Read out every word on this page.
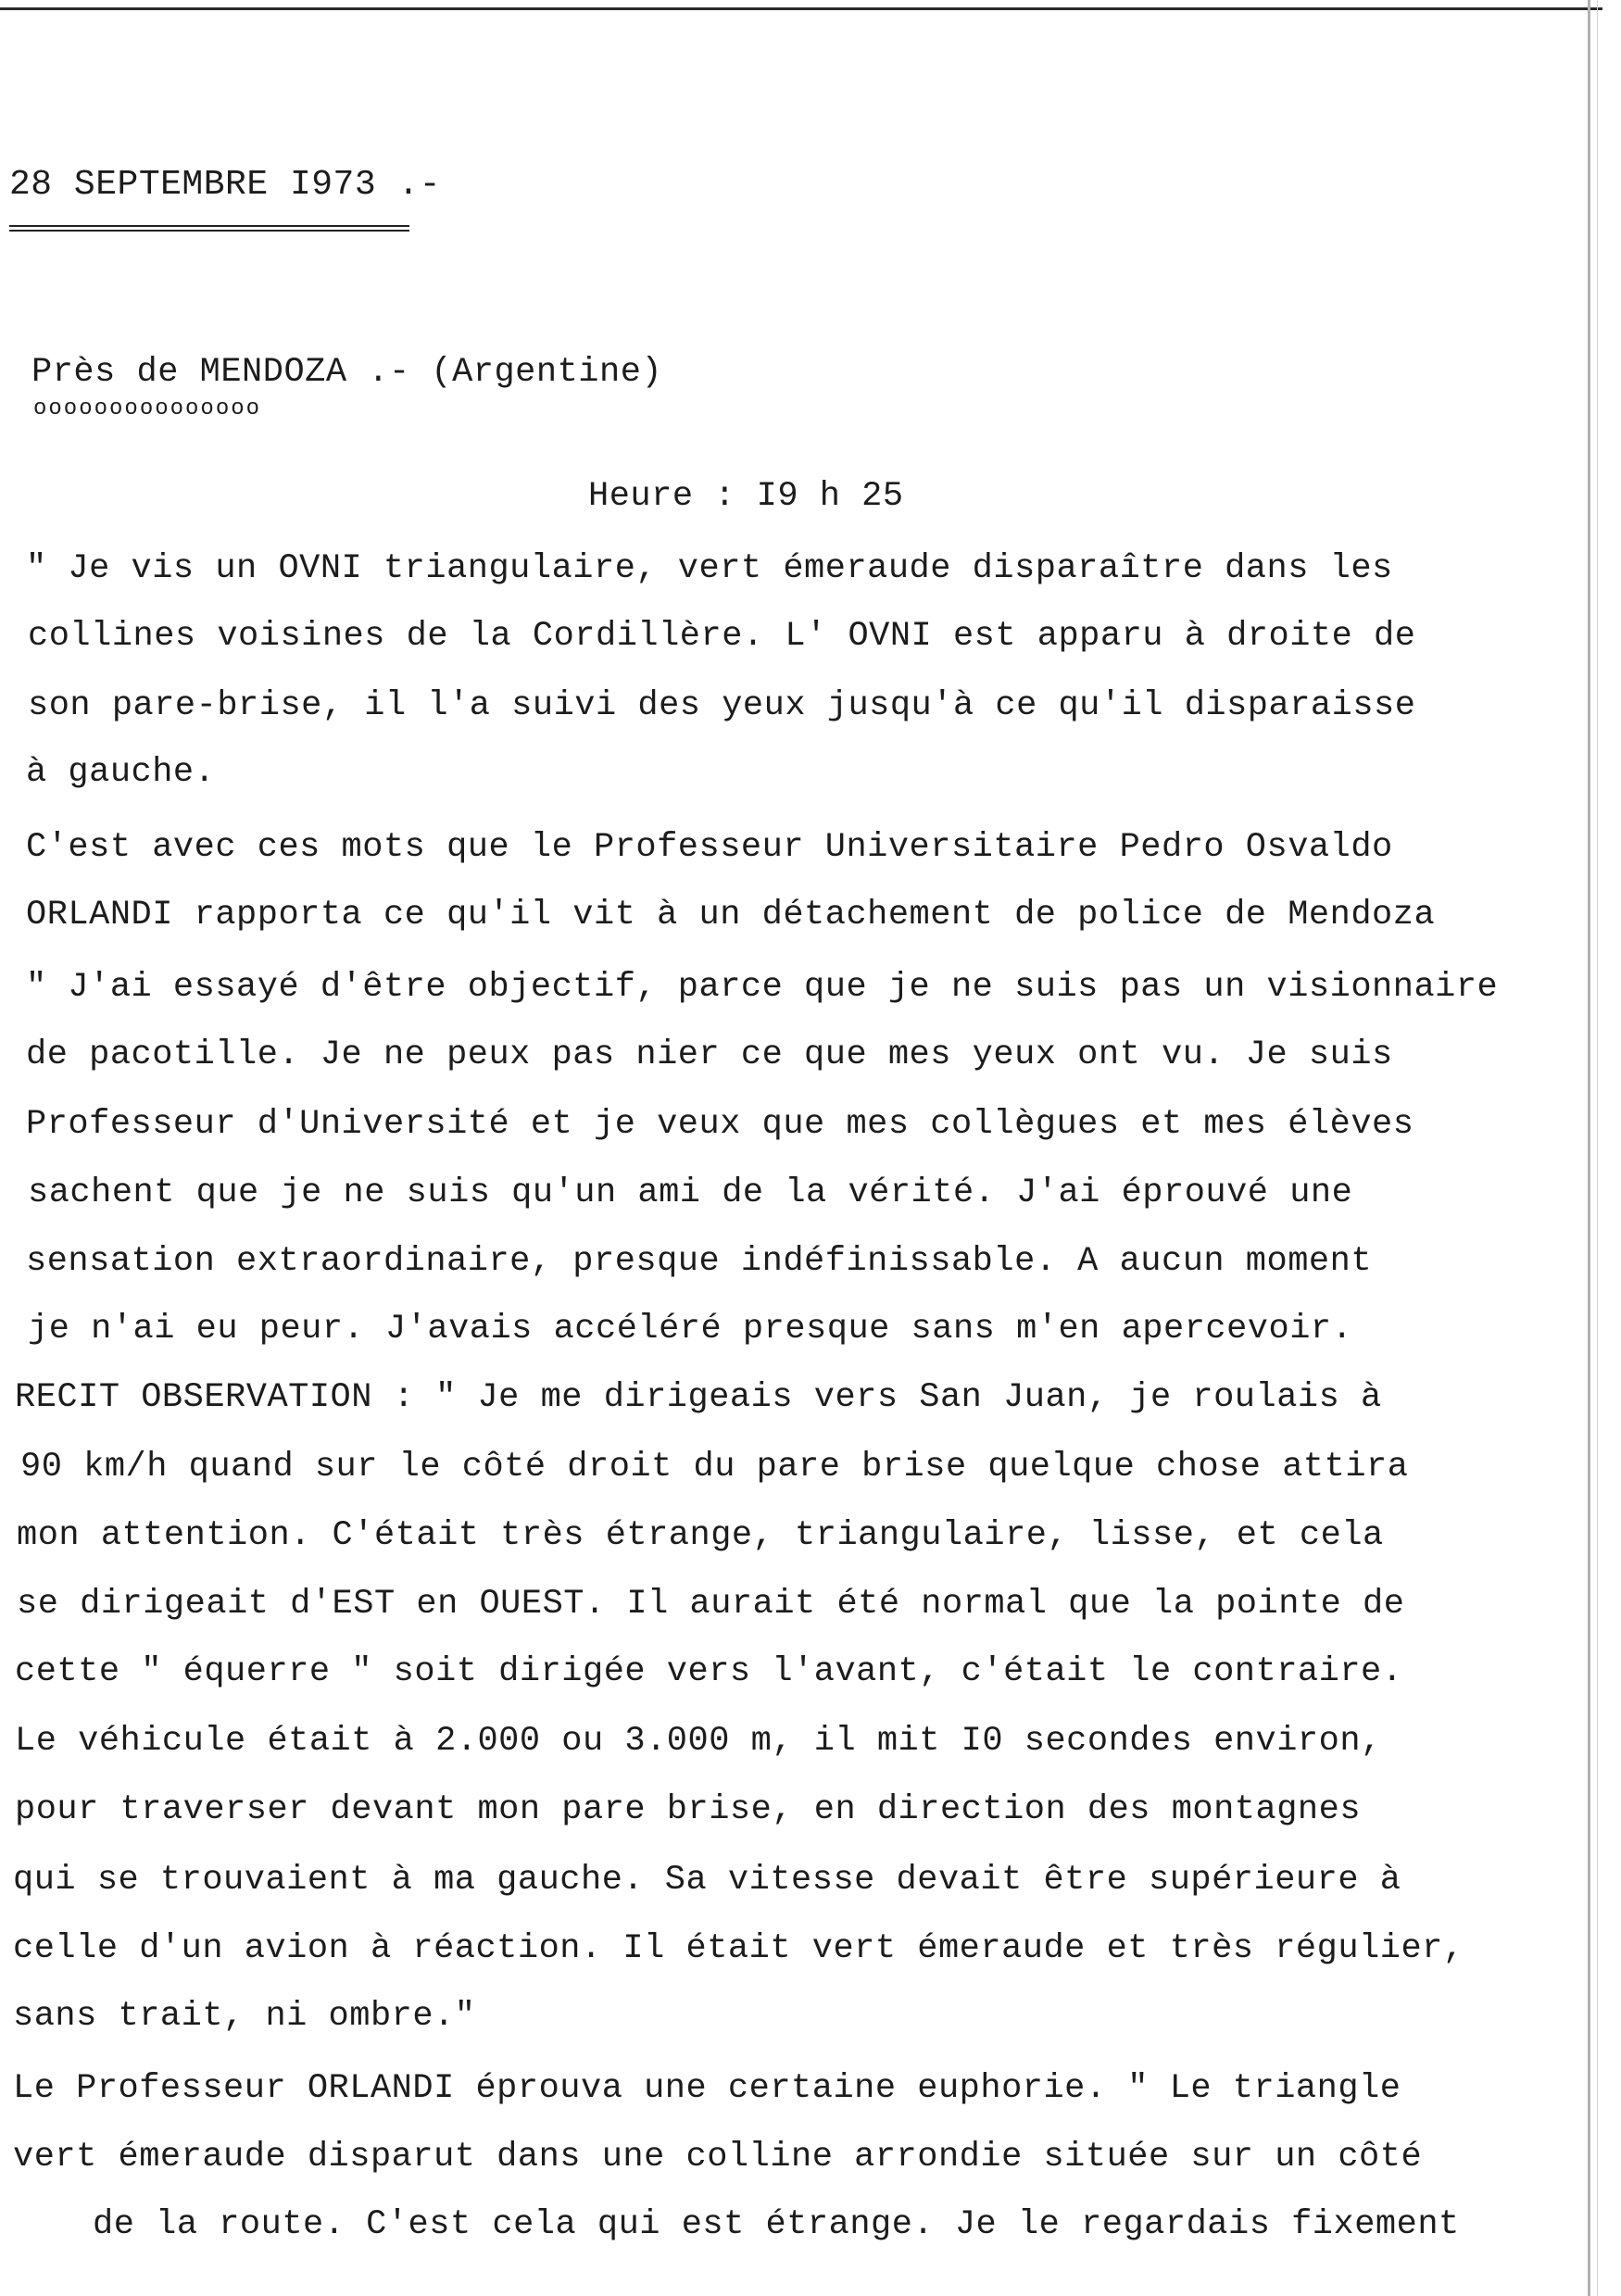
28 SEPTEMBRE I973 .-
Près de MENDOZA .- (Argentine)
ooooooooooooooo
Heure : I9 h 25
" Je vis un OVNI triangulaire, vert émeraude disparaître dans les
collines voisines de la Cordillère. L' OVNI est apparu à droite de
son pare-brise, il l'a suivi des yeux jusqu'à ce qu'il disparaisse
à gauche.
C'est avec ces mots que le Professeur Universitaire Pedro Osvaldo
ORLANDI rapporta ce qu'il vit à un détachement de police de Mendoza
" J'ai essayé d'être objectif, parce que je ne suis pas un visionnaire
de pacotille. Je ne peux pas nier ce que mes yeux ont vu. Je suis
Professeur d'Université et je veux que mes collègues et mes élèves
sachent que je ne suis qu'un ami de la vérité. J'ai éprouvé une
sensation extraordinaire, presque indéfinissable. A aucun moment
je n'ai eu peur. J'avais accéléré presque sans m'en apercevoir.
RECIT OBSERVATION : " Je me dirigeais vers San Juan, je roulais à
90 km/h quand sur le côté droit du pare brise quelque chose attira
mon attention. C'était très étrange, triangulaire, lisse, et cela
se dirigeait d'EST en OUEST. Il aurait été normal que la pointe de
cette " équerre " soit dirigée vers l'avant, c'était le contraire.
Le véhicule était à 2.000 ou 3.000 m, il mit I0 secondes environ,
pour traverser devant mon pare brise, en direction des montagnes
qui se trouvaient à ma gauche. Sa vitesse devait être supérieure à
celle d'un avion à réaction. Il était vert émeraude et très régulier,
sans trait, ni ombre."
Le Professeur ORLANDI éprouva une certaine euphorie. " Le triangle
vert émeraude disparut dans une colline arrondie située sur un côté
de la route. C'est cela qui est étrange. Je le regardais fixement
